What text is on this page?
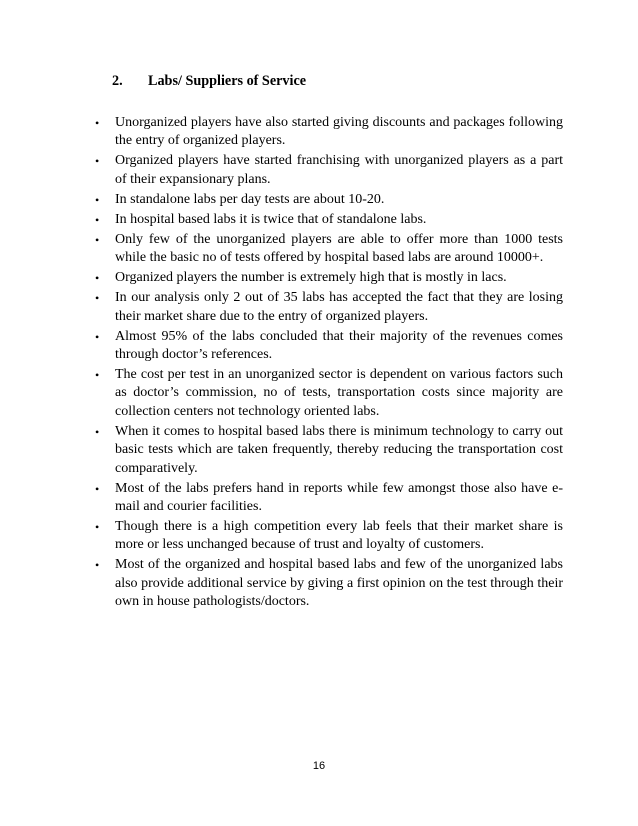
2. Labs/ Suppliers of Service
• Unorganized players have also started giving discounts and packages following the entry of organized players.
• Organized players have started franchising with unorganized players as a part of their expansionary plans.
• In standalone labs per day tests are about 10-20.
• In hospital based labs it is twice that of standalone labs.
• Only few of the unorganized players are able to offer more than 1000 tests while the basic no of tests offered by hospital based labs are around 10000+.
• Organized players the number is extremely high that is mostly in lacs.
• In our analysis only 2 out of 35 labs has accepted the fact that they are losing their market share due to the entry of organized players.
• Almost 95% of the labs concluded that their majority of the revenues comes through doctor’s references.
• The cost per test in an unorganized sector is dependent on various factors such as doctor’s commission, no of tests, transportation costs since majority are collection centers not technology oriented labs.
• When it comes to hospital based labs there is minimum technology to carry out basic tests which are taken frequently, thereby reducing the transportation cost comparatively.
• Most of the labs prefers hand in reports while few amongst those also have e-mail and courier facilities.
• Though there is a high competition every lab feels that their market share is more or less unchanged because of trust and loyalty of customers.
• Most of the organized and hospital based labs and few of the unorganized labs also provide additional service by giving a first opinion on the test through their own in house pathologists/doctors.
16
